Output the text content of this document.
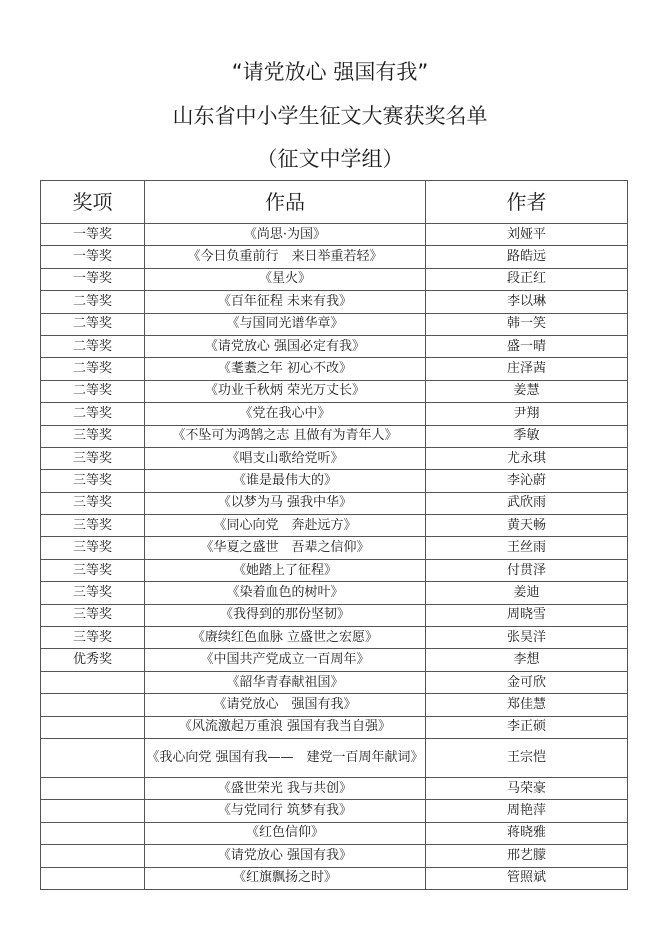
“请党放心 强国有我”
山东省中小学生征文大赛获奖名单
（征文中学组）
奖项	作品	作者
一等奖	《尚思·为国》	刘娅平
一等奖	《今日负重前行　来日举重若轻》	路皓远
一等奖	《星火》	段正红
二等奖	《百年征程 未来有我》	李以琳
二等奖	《与国同光谱华章》	韩一笑
二等奖	《请党放心 强国必定有我》	盛一晴
二等奖	《耄耋之年 初心不改》	庄泽茜
二等奖	《功业千秋炳 荣光万丈长》	姜慧
二等奖	《党在我心中》	尹翔
三等奖	《不坠可为鸿鹄之志 且做有为青年人》	季敏
三等奖	《唱支山歌给党听》	尤永琪
三等奖	《谁是最伟大的》	李沁蔚
三等奖	《以梦为马 强我中华》	武欣雨
三等奖	《同心向党　奔赴远方》	黄天畅
三等奖	《华夏之盛世　吾辈之信仰》	王丝雨
三等奖	《她踏上了征程》	付贯泽
三等奖	《染着血色的树叶》	姜迪
三等奖	《我得到的那份坚韧》	周晓雪
三等奖	《赓续红色血脉 立盛世之宏愿》	张昊洋
优秀奖	《中国共产党成立一百周年》	李想
	《韶华青春献祖国》	金可欣
	《请党放心　强国有我》	郑佳慧
	《风流激起万重浪 强国有我当自强》	李正硕
	《我心向党 强国有我——　建党一百周年献词》	王宗恺
	《盛世荣光 我与共创》	马荣豪
	《与党同行 筑梦有我》	周艳萍
	《红色信仰》	蒋晓雅
	《请党放心 强国有我》	邢艺朦
	《红旗飘扬之时》	管照斌
